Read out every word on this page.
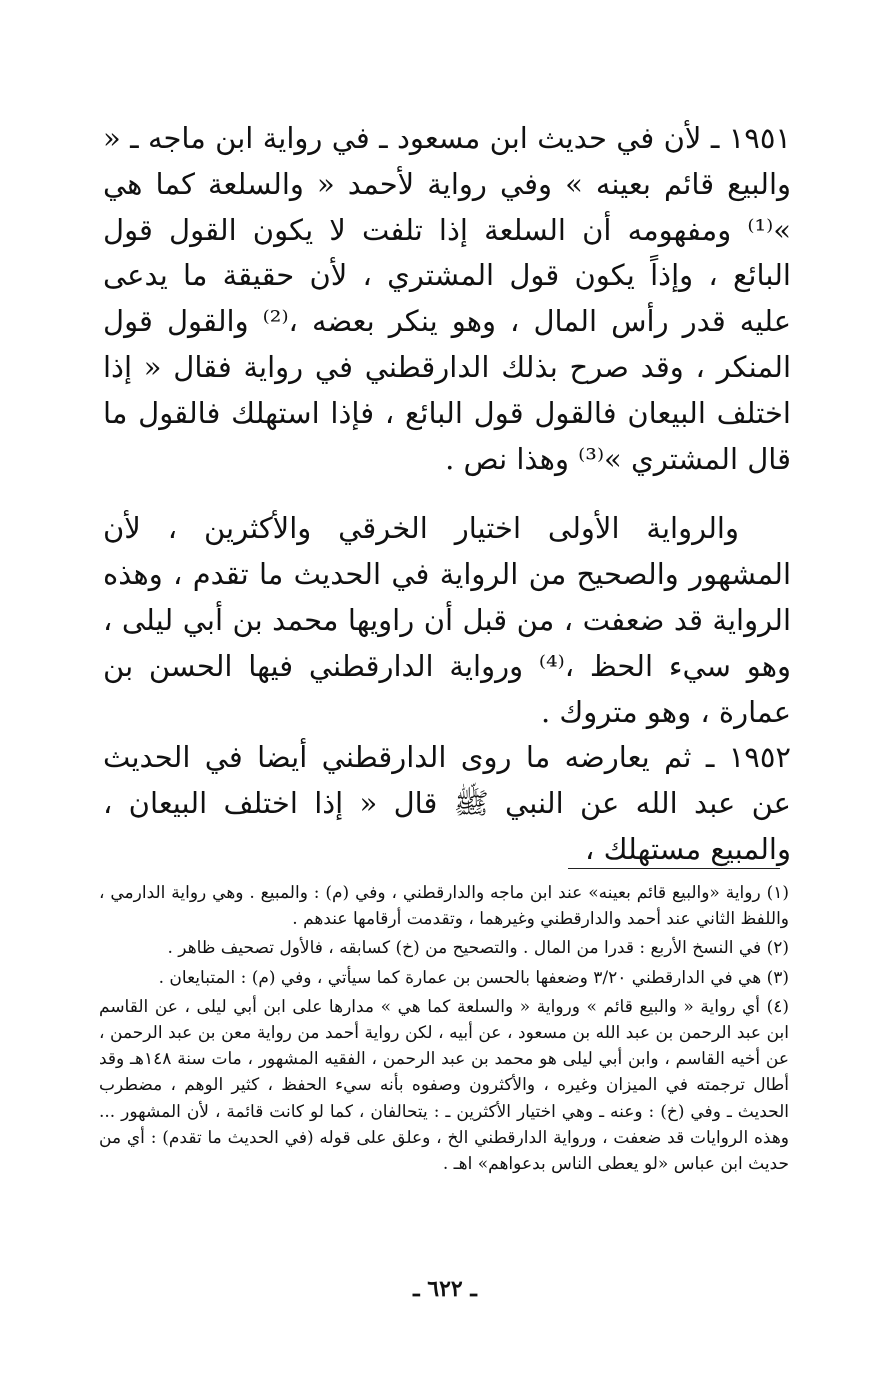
١٩٥١ ـ لأن في حديث ابن مسعود ـ في رواية ابن ماجه ـ « والبيع قائم بعينه » وفي رواية لأحمد « والسلعة كما هي »⁽¹⁾ ومفهومه أن السلعة إذا تلفت لا يكون القول قول البائع ، وإذاً يكون قول المشتري ، لأن حقيقة ما يدعى عليه قدر رأس المال ، وهو ينكر بعضه ،⁽²⁾ والقول قول المنكر ، وقد صرح بذلك الدارقطني في رواية فقال « إذا اختلف البيعان فالقول قول البائع ، فإذا استهلك فالقول ما قال المشتري »⁽³⁾ وهذا نص .

والرواية الأولى اختيار الخرقي والأكثرين ، لأن المشهور والصحيح من الرواية في الحديث ما تقدم ، وهذه الرواية قد ضعفت ، من قبل أن راويها محمد بن أبي ليلى ، وهو سيء الحظ ،⁽⁴⁾ ورواية الدارقطني فيها الحسن بن عمارة ، وهو متروك .

١٩٥٢ ـ ثم يعارضه ما روى الدارقطني أيضا في الحديث عن عبد الله عن النبي ﷺ قال « إذا اختلف البيعان ، والمبيع مستهلك ،

(١) رواية «والبيع قائم بعينه» عند ابن ماجه والدارقطني ، وفي (م) : والمبيع . وهي رواية الدارمي ، واللفظ الثاني عند أحمد والدارقطني وغيرهما ، وتقدمت أرقامها عندهم .

(٢) في النسخ الأربع : قدرا من المال . والتصحيح من (خ) كسابقه ، فالأول تصحيف ظاهر .

(٣) هي في الدارقطني ٣/٢٠ وضعفها بالحسن بن عمارة كما سيأتي ، وفي (م) : المتبايعان .

(٤) أي رواية « والبيع قائم » ورواية « والسلعة كما هي » مدارها على ابن أبي ليلى ، عن القاسم ابن عبد الرحمن بن عبد الله بن مسعود ، عن أبيه ، لكن رواية أحمد من رواية معن بن عبد الرحمن ، عن أخيه القاسم ، وابن أبي ليلى هو محمد بن عبد الرحمن ، الفقيه المشهور ، مات سنة ١٤٨هـ وقد أطال ترجمته في الميزان وغيره ، والأكثرون وصفوه بأنه سيء الحفظ ، كثير الوهم ، مضطرب الحديث ـ وفي (خ) : وعنه ـ وهي اختيار الأكثرين ـ : يتحالفان ، كما لو كانت قائمة ، لأن المشهور ... وهذه الروايات قد ضعفت ، ورواية الدارقطني الخ ، وعلق على قوله (في الحديث ما تقدم) : أي من حديث ابن عباس «لو يعطى الناس بدعواهم» اهـ .

ـ ٦٢٢ ـ
